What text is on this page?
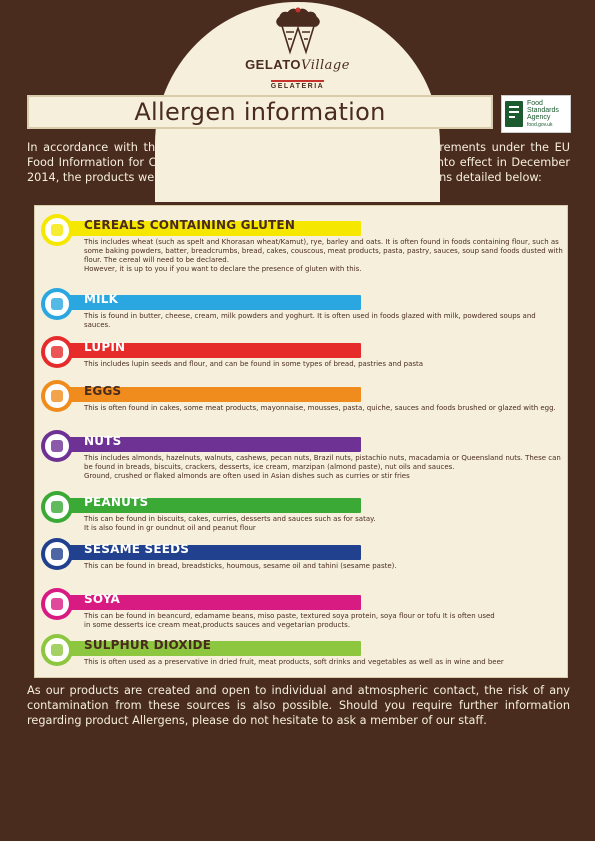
GELATOVillage
GELATERIA
Allergen information	Food
Standards
Agency
food.gov.uk
In accordance with the Food Allergen Labelling and Information Requirements under the EU Food Information for Consumer Regulations No. 1169/2011 that came into effect in December 2014, the products we produce and sell may contain some of the Allergens detailed below:
CEREALS CONTAINING GLUTEN
This includes wheat (such as spelt and Khorasan wheat/Kamut), rye, barley and oats. It is often found in foods containing flour, such as some baking powders, batter, breadcrumbs, bread, cakes, couscous, meat products, pasta, pastry, sauces, soup sand foods dusted with flour. The cereal will need to be declared.
However, it is up to you if you want to declare the presence of gluten with this.
MILK
This is found in butter, cheese, cream, milk powders and yoghurt. It is often used in foods glazed with milk, powdered soups and sauces.
LUPIN
This includes lupin seeds and flour, and can be found in some types of bread, pastries and pasta
EGGS
This is often found in cakes, some meat products, mayonnaise, mousses, pasta, quiche, sauces and foods brushed or glazed with egg.
NUTS
This includes almonds, hazelnuts, walnuts, cashews, pecan nuts, Brazil nuts, pistachio nuts, macadamia or Queensland nuts. These can be found in breads, biscuits, crackers, desserts, ice cream, marzipan (almond paste), nut oils and sauces.
Ground, crushed or flaked almonds are often used in Asian dishes such as curries or stir fries
PEANUTS
This can be found in biscuits, cakes, curries, desserts and sauces such as for satay.
It is also found in gr oundnut oil and peanut flour
SESAME SEEDS
This can be found in bread, breadsticks, houmous, sesame oil and tahini (sesame paste).
SOYA
This can be found in beancurd, edamame beans, miso paste, textured soya protein, soya flour or tofu It is often used
in some desserts ice cream meat,products sauces and vegetarian products.
SULPHUR DIOXIDE
This is often used as a preservative in dried fruit, meat products, soft drinks and vegetables as well as in wine and beer
As our products are created and open to individual and atmospheric contact, the risk of any contamination from these sources is also possible. Should you require further information regarding product Allergens, please do not hesitate to ask a member of our staff.
